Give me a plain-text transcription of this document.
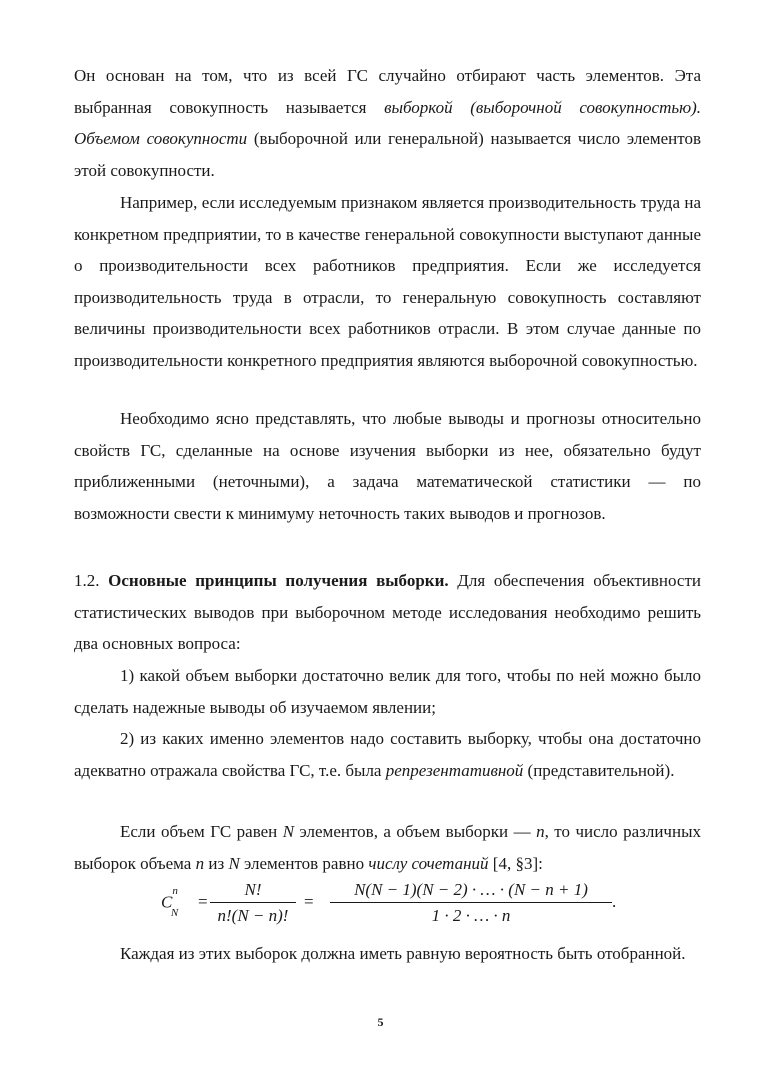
Он основан на том, что из всей ГС случайно отбирают часть элементов. Эта выбранная совокупность называется выборкой (выборочной совокупностью). Объемом совокупности (выборочной или генеральной) называется число элементов этой совокупности.

Например, если исследуемым признаком является производительность труда на конкретном предприятии, то в качестве генеральной совокупности выступают данные о производительности всех работников предприятия. Если же исследуется производительность труда в отрасли, то генеральную совокупность составляют величины производительности всех работников отрасли. В этом случае данные по производительности конкретного предприятия являются выборочной совокупностью.

Необходимо ясно представлять, что любые выводы и прогнозы относительно свойств ГС, сделанные на основе изучения выборки из нее, обязательно будут приближенными (неточными), а задача математической статистики — по возможности свести к минимуму неточность таких выводов и прогнозов.

1.2. Основные принципы получения выборки. Для обеспечения объективности статистических выводов при выборочном методе исследования необходимо решить два основных вопроса:

1) какой объем выборки достаточно велик для того, чтобы по ней можно было сделать надежные выводы об изучаемом явлении;

2) из каких именно элементов надо составить выборку, чтобы она достаточно адекватно отражала свойства ГС, т.е. была репрезентативной (представительной).

Если объем ГС равен N элементов, а объем выборки — n, то число различных выборок объема n из N элементов равно числу сочетаний [4, §3]:

$C^n_N$
= $\frac{N!}{n!(N - n)!} = \frac{N(N - 1)(N - 2) \cdot \dots \cdot (N - n + 1)}{1 \cdot 2 \cdot \dots \cdot n}$ .

Каждая из этих выборок должна иметь равную вероятность быть отобранной.

5
